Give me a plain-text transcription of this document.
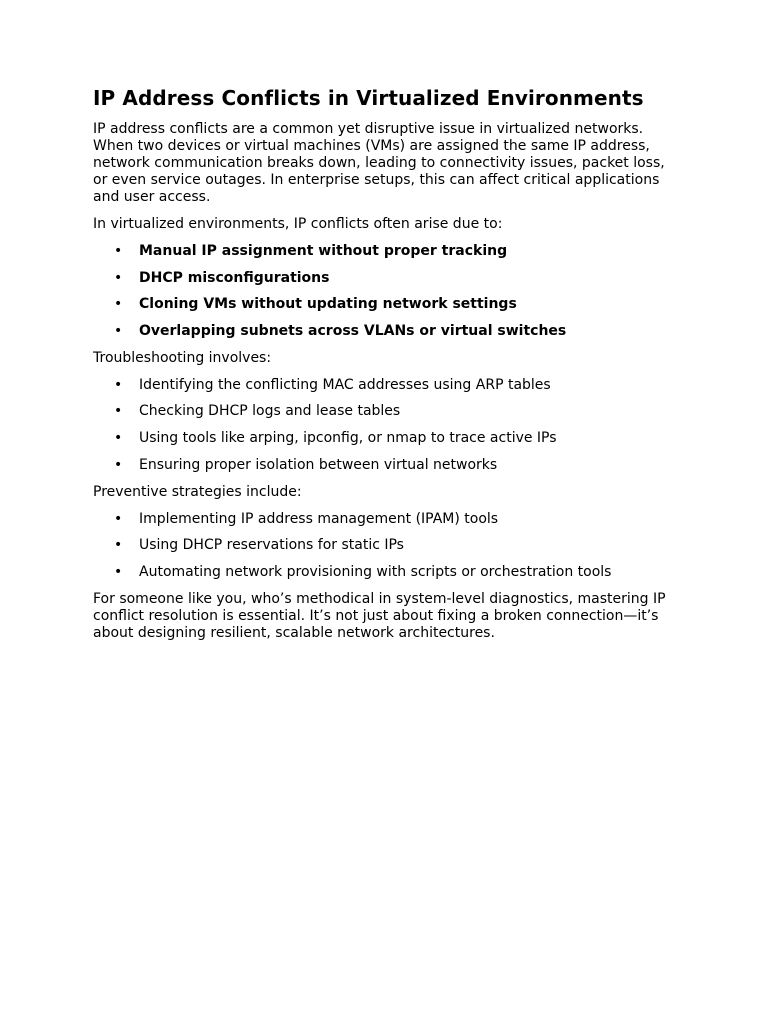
IP Address Conflicts in Virtualized Environments

IP address conflicts are a common yet disruptive issue in virtualized networks. When two devices or virtual machines (VMs) are assigned the same IP address, network communication breaks down, leading to connectivity issues, packet loss, or even service outages. In enterprise setups, this can affect critical applications and user access.

In virtualized environments, IP conflicts often arise due to:

• Manual IP assignment without proper tracking
• DHCP misconfigurations
• Cloning VMs without updating network settings
• Overlapping subnets across VLANs or virtual switches

Troubleshooting involves:

• Identifying the conflicting MAC addresses using ARP tables
• Checking DHCP logs and lease tables
• Using tools like arping, ipconfig, or nmap to trace active IPs
• Ensuring proper isolation between virtual networks

Preventive strategies include:

• Implementing IP address management (IPAM) tools
• Using DHCP reservations for static IPs
• Automating network provisioning with scripts or orchestration tools

For someone like you, who’s methodical in system-level diagnostics, mastering IP conflict resolution is essential. It’s not just about fixing a broken connection—it’s about designing resilient, scalable network architectures.
